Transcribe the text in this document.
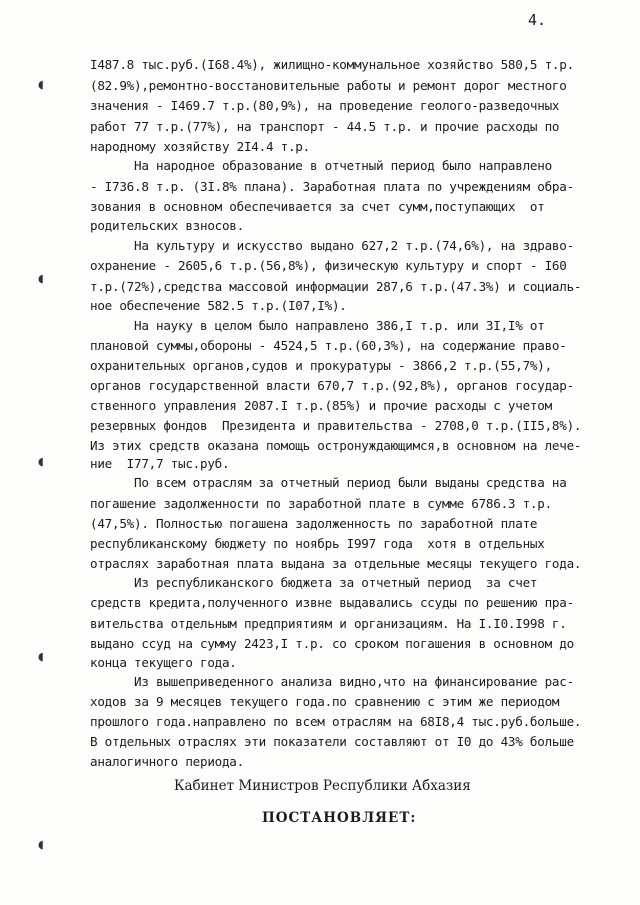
4.
◖
◖
◖
◖
◖
I487.8 тыс.руб.(I68.4%), жилищно-коммунальное хозяйство 580,5 т.р.
(82.9%),ремонтно-восстановительные работы и ремонт дорог местного
значения - I469.7 т.р.(80,9%), на проведение геолого-разведочных
работ 77 т.р.(77%), на транспорт - 44.5 т.р. и прочие расходы по
народному хозяйству 2I4.4 т.р.
На народное образование в отчетный период было направлено
- I736.8 т.р. (3I.8% плана). Заработная плата по учреждениям обра-
зования в основном обеспечивается за счет сумм,поступающих  от
родительских взносов.
На культуру и искусство выдано 627,2 т.р.(74,6%), на здраво-
охранение - 2605,6 т.р.(56,8%), физическую культуру и спорт - I60
т.р.(72%),средства массовой информации 287,6 т.р.(47.3%) и социаль-
ное обеспечение 582.5 т.р.(I07,I%).
На науку в целом было направлено 386,I т.р. или 3I,I% от
плановой суммы,обороны - 4524,5 т.р.(60,3%), на содержание право-
охранительных органов,судов и прокуратуры - 3866,2 т.р.(55,7%),
органов государственной власти 670,7 т.р.(92,8%), органов государ-
ственного управления 2087.I т.р.(85%) и прочие расходы с учетом
резервных фондов  Президента и правительства - 2708,0 т.р.(II5,8%).
Из этих средств оказана помощь остронуждающимся,в основном на лече-
ние  I77,7 тыс.руб.
По всем отраслям за отчетный период были выданы средства на
погашение задолженности по заработной плате в сумме 6786.3 т.р.
(47,5%). Полностью погашена задолженность по заработной плате
республиканскому бюджету по ноябрь I997 года  хотя в отдельных
отраслях заработная плата выдана за отдельные месяцы текущего года.
Из республиканского бюджета за отчетный период  за счет
средств кредита,полученного извне выдавались ссуды по решению пра-
вительства отдельным предприятиям и организациям. На I.I0.I998 г.
выдано ссуд на сумму 2423,I т.р. со сроком погашения в основном до
конца текущего года.
Из вышеприведенного анализа видно,что на финансирование рас-
ходов за 9 месяцев текущего года.по сравнению с этим же периодом
прошлого года.направлено по всем отраслям на 68I8,4 тыс.руб.больше.
В отдельных отраслях эти показатели составляют от I0 до 43% больше
аналогичного периода.
Кабинет Министров Республики Абхазия
ПОСТАНОВЛЯЕТ:
